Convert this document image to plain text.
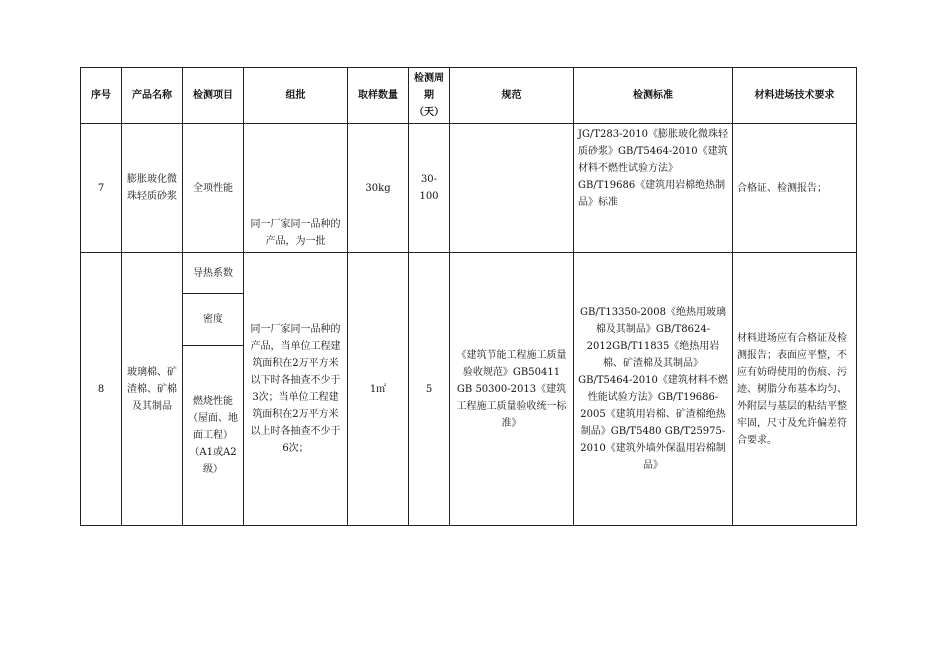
序号	产品名称	检测项目	组批	取样数量	检测周期（天）	规范	检测标准	材料进场技术要求
7	膨胀玻化微珠轻质砂浆	全项性能	同一厂家同一品种的产品，为一批	30kg	30-100		JG/T283-2010《膨胀玻化微珠轻质砂浆》GB/T5464-2010《建筑材料不燃性试验方法》 GB/T19686《建筑用岩棉绝热制品》标准	合格证、检测报告；
8	玻璃棉、矿渣棉、矿棉及其制品	导热系数	同一厂家同一品种的产品，当单位工程建筑面积在2万平方米以下时各抽查不少于3次；当单位工程建筑面积在2万平方米以上时各抽查不少于6次；	1㎡	5	《建筑节能工程施工质量验收规范》GB50411 GB 50300-2013《建筑工程施工质量验收统一标准》	GB/T13350-2008《绝热用玻璃棉及其制品》GB/T8624-2012GB/T11835《绝热用岩棉、矿渣棉及其制品》GB/T5464-2010《建筑材料不燃性能试验方法》GB/T19686-2005《建筑用岩棉、矿渣棉绝热制品》GB/T5480 GB/T25975-2010《建筑外墙外保温用岩棉制品》	材料进场应有合格证及检测报告；表面应平整，不应有妨碍使用的伤痕、污迹、树脂分布基本均匀、外附层与基层的粘结平整牢固，尺寸及允许偏差符合要求。
		密度						
		燃烧性能（屋面、地面工程）（A1或A2级）						
